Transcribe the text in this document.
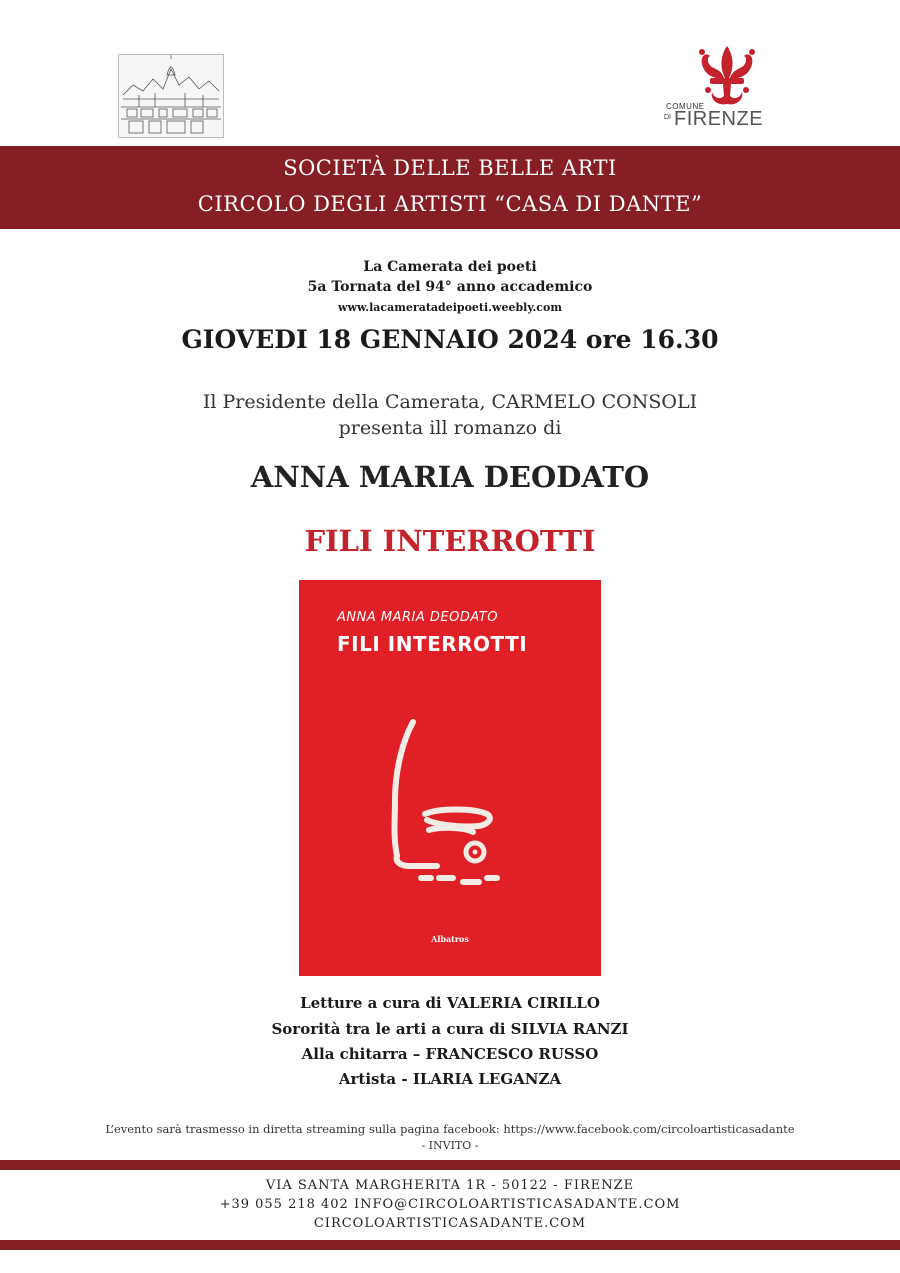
COMUNE
DI FIRENZE
SOCIETÀ DELLE BELLE ARTI
CIRCOLO DEGLI ARTISTI “CASA DI DANTE”
La Camerata dei poeti
5a Tornata del 94° anno accademico
www.lacameratadeipoeti.weebly.com
GIOVEDI 18 GENNAIO 2024 ore 16.30
Il Presidente della Camerata, CARMELO CONSOLI
presenta ill romanzo di
ANNA MARIA DEODATO
FILI INTERROTTI
ANNA MARIA DEODATO
FILI INTERROTTI
Albatros
Letture a cura di VALERIA CIRILLO
Sororità tra le arti a cura di SILVIA RANZI
Alla chitarra – FRANCESCO RUSSO
Artista - ILARIA LEGANZA
L’evento sarà trasmesso in diretta streaming sulla pagina facebook: https://www.facebook.com/circoloartisticasadante
- INVITO -
VIA SANTA MARGHERITA 1R - 50122 - FIRENZE
+39 055 218 402 INFO@CIRCOLOARTISTICASADANTE.COM
CIRCOLOARTISTICASADANTE.COM
